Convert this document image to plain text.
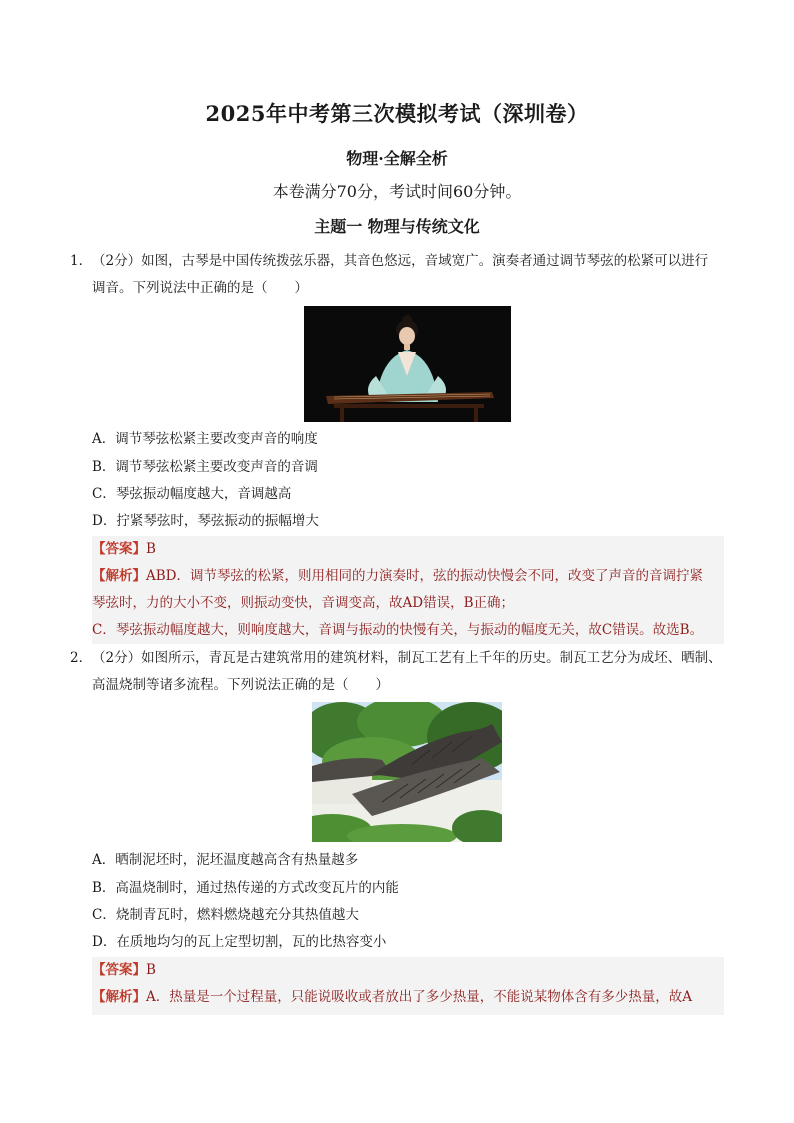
2025年中考第三次模拟考试（深圳卷）
物理·全解全析
本卷满分70分，考试时间60分钟。
主题一 物理与传统文化
1． （2分）如图，古琴是中国传统拨弦乐器，其音色悠远，音域宽广。演奏者通过调节琴弦的松紧可以进行
调音。下列说法中正确的是（　　）
A．调节琴弦松紧主要改变声音的响度
B．调节琴弦松紧主要改变声音的音调
C．琴弦振动幅度越大，音调越高
D．拧紧琴弦时，琴弦振动的振幅增大
【答案】B
【解析】ABD．调节琴弦的松紧，则用相同的力演奏时，弦的振动快慢会不同，改变了声音的音调拧紧
琴弦时，力的大小不变，则振动变快，音调变高，故AD错误，B正确；
C．琴弦振动幅度越大，则响度越大，音调与振动的快慢有关，与振动的幅度无关，故C错误。故选B。
2． （2分）如图所示，青瓦是古建筑常用的建筑材料，制瓦工艺有上千年的历史。制瓦工艺分为成坯、晒制、
高温烧制等诸多流程。下列说法正确的是（　　）
A．晒制泥坯时，泥坯温度越高含有热量越多
B．高温烧制时，通过热传递的方式改变瓦片的内能
C．烧制青瓦时，燃料燃烧越充分其热值越大
D．在质地均匀的瓦上定型切割，瓦的比热容变小
【答案】B
【解析】A．热量是一个过程量，只能说吸收或者放出了多少热量，不能说某物体含有多少热量，故A
